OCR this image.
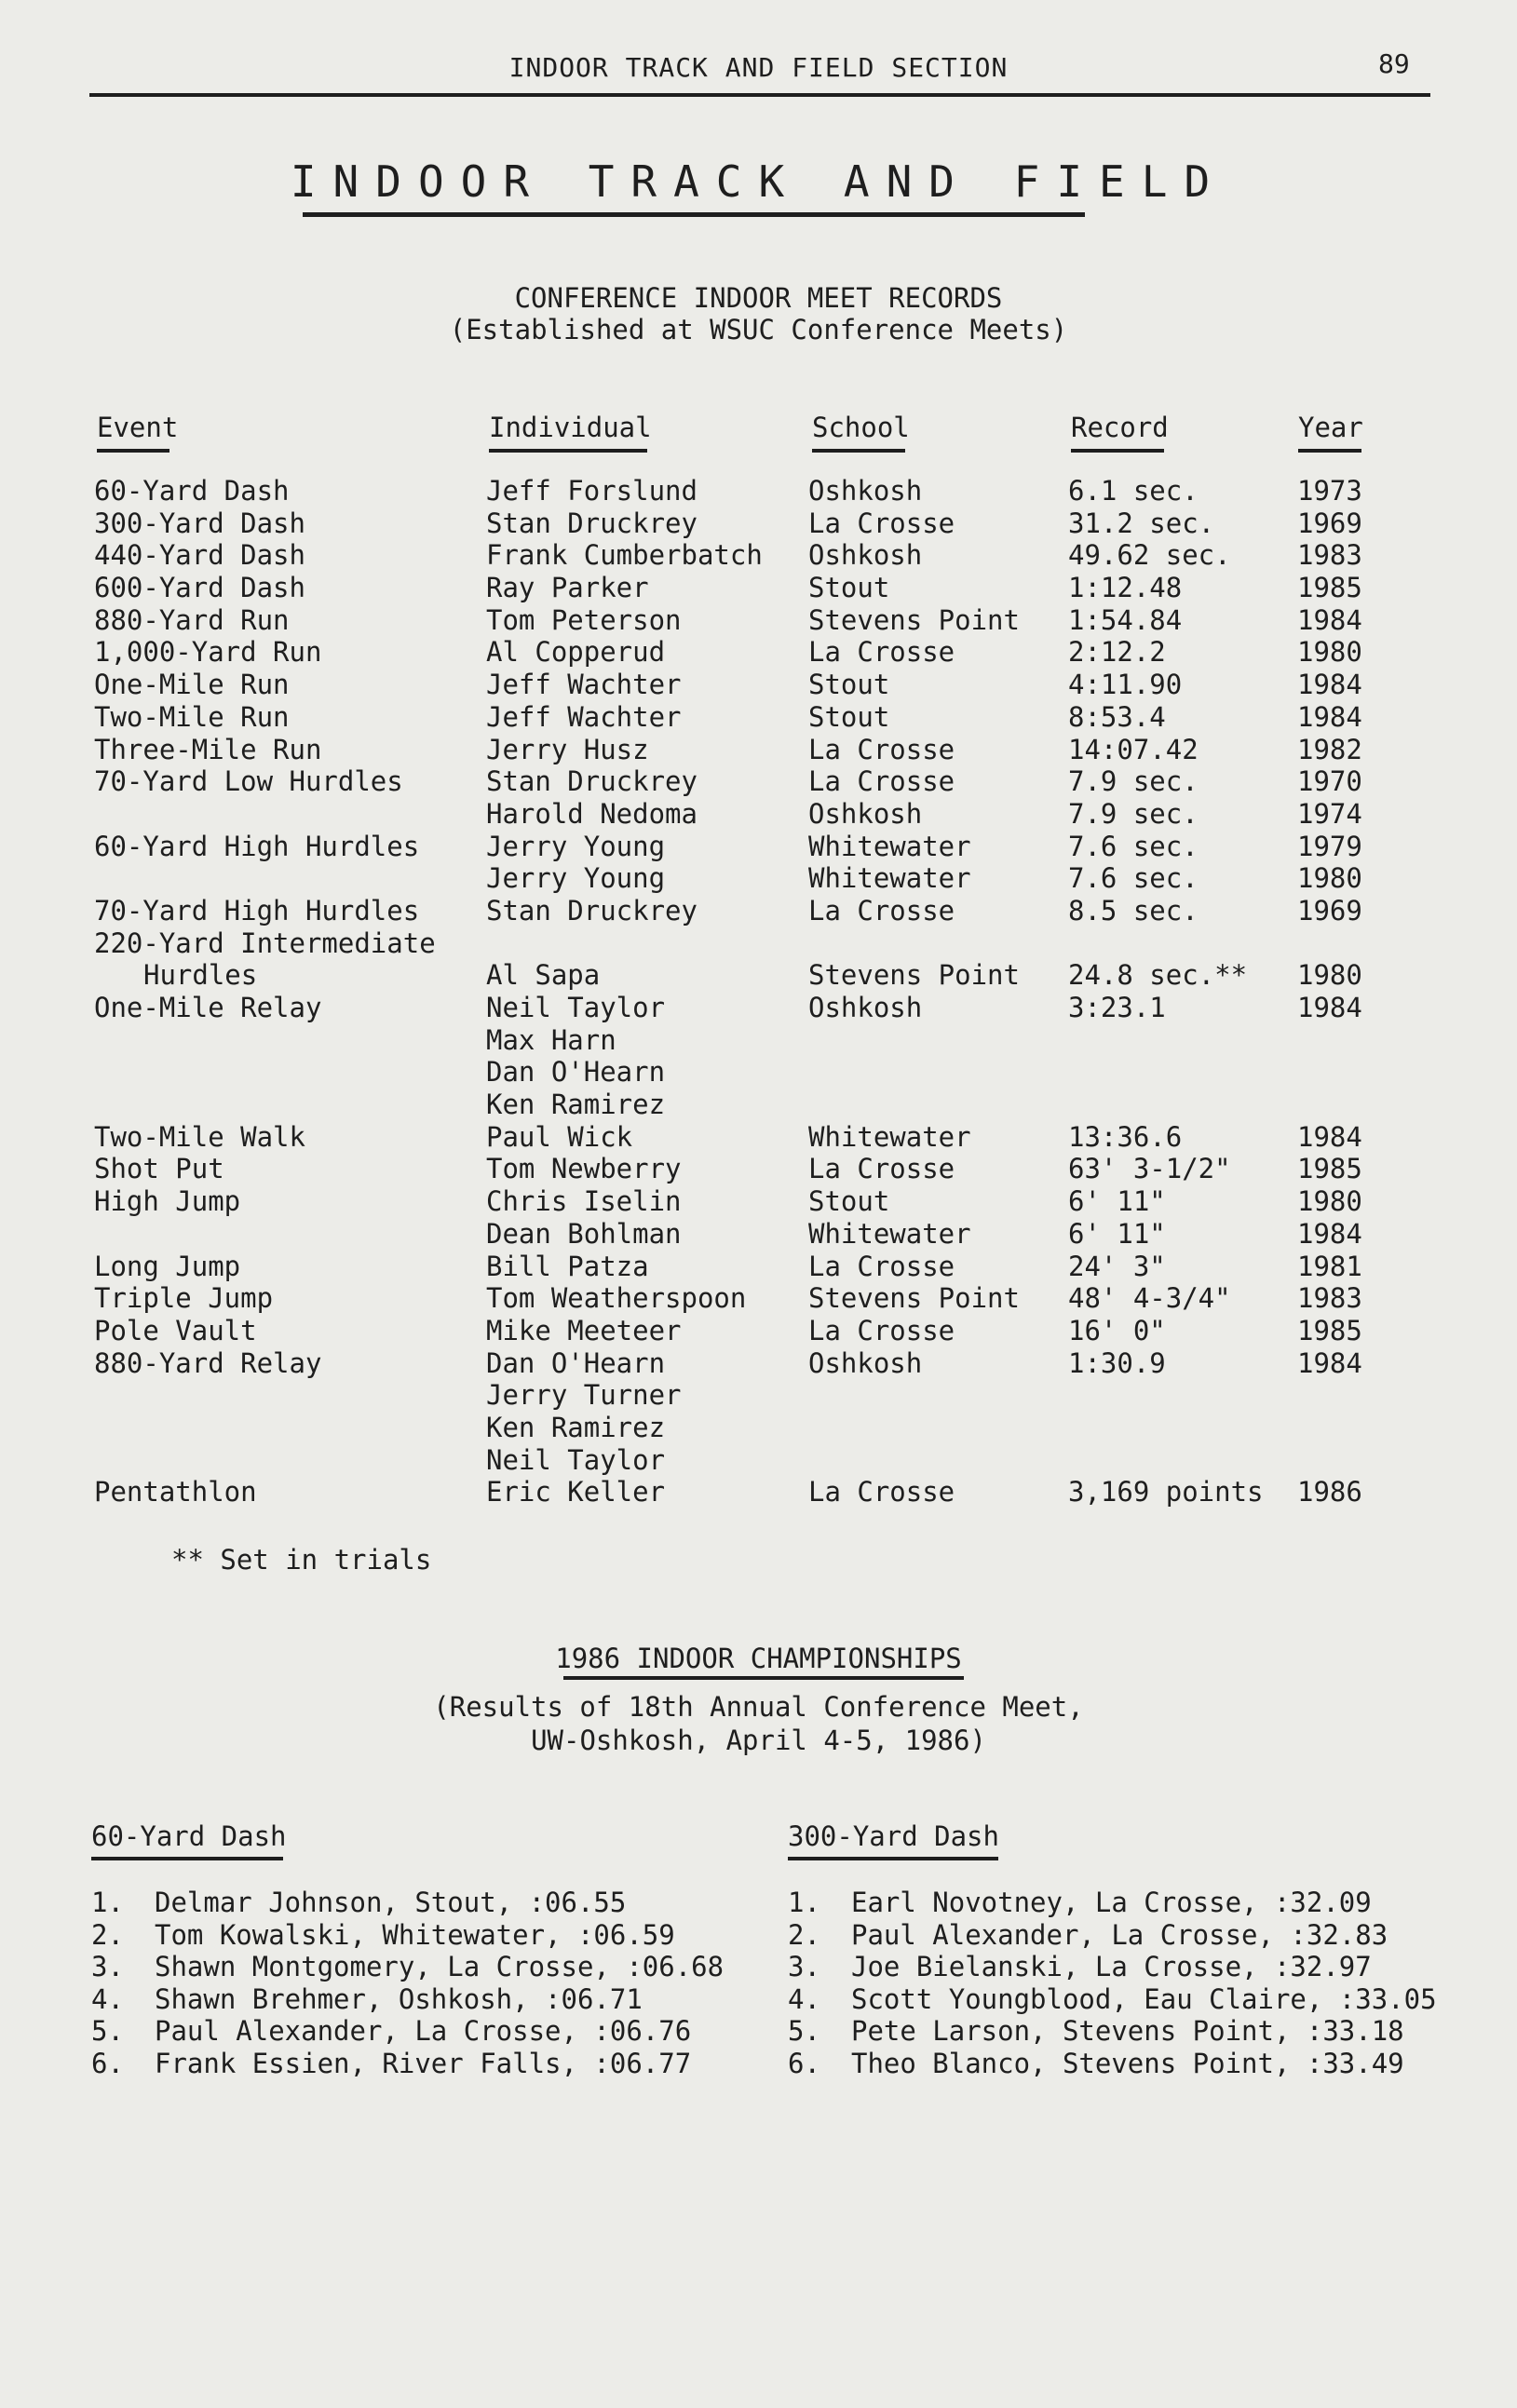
INDOOR TRACK AND FIELD SECTION	89
INDOOR TRACK AND FIELD
CONFERENCE INDOOR MEET RECORDS
(Established at WSUC Conference Meets)
Event	Individual	School	Record	Year
60-Yard Dash	Jeff Forslund	Oshkosh	6.1 sec.	1973
300-Yard Dash	Stan Druckrey	La Crosse	31.2 sec.	1969
440-Yard Dash	Frank Cumberbatch Oshkosh	49.62 sec. 1983
600-Yard Dash	Ray Parker	Stout	1:12.48	1985
880-Yard Run	Tom Peterson	Stevens Point 1:54.84	1984
1,000-Yard Run	Al Copperud	La Crosse	2:12.2	1980
One-Mile Run	Jeff Wachter	Stout	4:11.90	1984
Two-Mile Run	Jeff Wachter	Stout	8:53.4	1984
Three-Mile Run	Jerry Husz	La Crosse	14:07.42	1982
70-Yard Low Hurdles	Stan Druckrey	La Crosse	7.9 sec.	1970
Harold Nedoma	Oshkosh	7.9 sec.	1974
60-Yard High Hurdles Jerry Young	Whitewater	7.6 sec.	1979
Jerry Young	Whitewater	7.6 sec.	1980
70-Yard High Hurdles Stan Druckrey	La Crosse	8.5 sec.	1969
220-Yard Intermediate
Hurdles	Al Sapa	Stevens Point 24.8 sec.** 1980
One-Mile Relay	Neil Taylor	Oshkosh	3:23.1	1984
Max Harn
Dan O'Hearn
Ken Ramirez
Two-Mile Walk	Paul Wick	Whitewater	13:36.6	1984
Shot Put	Tom Newberry	La Crosse	63' 3-1/2" 1985
High Jump	Chris Iselin	Stout	6' 11"	1980
Dean Bohlman	Whitewater	6' 11"	1984
Long Jump	Bill Patza	La Crosse	24' 3"	1981
Triple Jump	Tom Weatherspoon Stevens Point 48' 4-3/4" 1983
Pole Vault	Mike Meeteer	La Crosse	16' 0"	1985
880-Yard Relay	Dan O'Hearn	Oshkosh	1:30.9	1984
Jerry Turner
Ken Ramirez
Neil Taylor
Pentathlon	Eric Keller	La Crosse	3,169 points 1986
** Set in trials
1986 INDOOR CHAMPIONSHIPS
(Results of 18th Annual Conference Meet,
UW-Oshkosh, April 4-5, 1986)
60-Yard Dash
1. Delmar Johnson, Stout, :06.55
2. Tom Kowalski, Whitewater, :06.59
3. Shawn Montgomery, La Crosse, :06.68
4. Shawn Brehmer, Oshkosh, :06.71
5. Paul Alexander, La Crosse, :06.76
6. Frank Essien, River Falls, :06.77
300-Yard Dash
1. Earl Novotney, La Crosse, :32.09
2. Paul Alexander, La Crosse, :32.83
3. Joe Bielanski, La Crosse, :32.97
4. Scott Youngblood, Eau Claire, :33.05
5. Pete Larson, Stevens Point, :33.18
6. Theo Blanco, Stevens Point, :33.49
